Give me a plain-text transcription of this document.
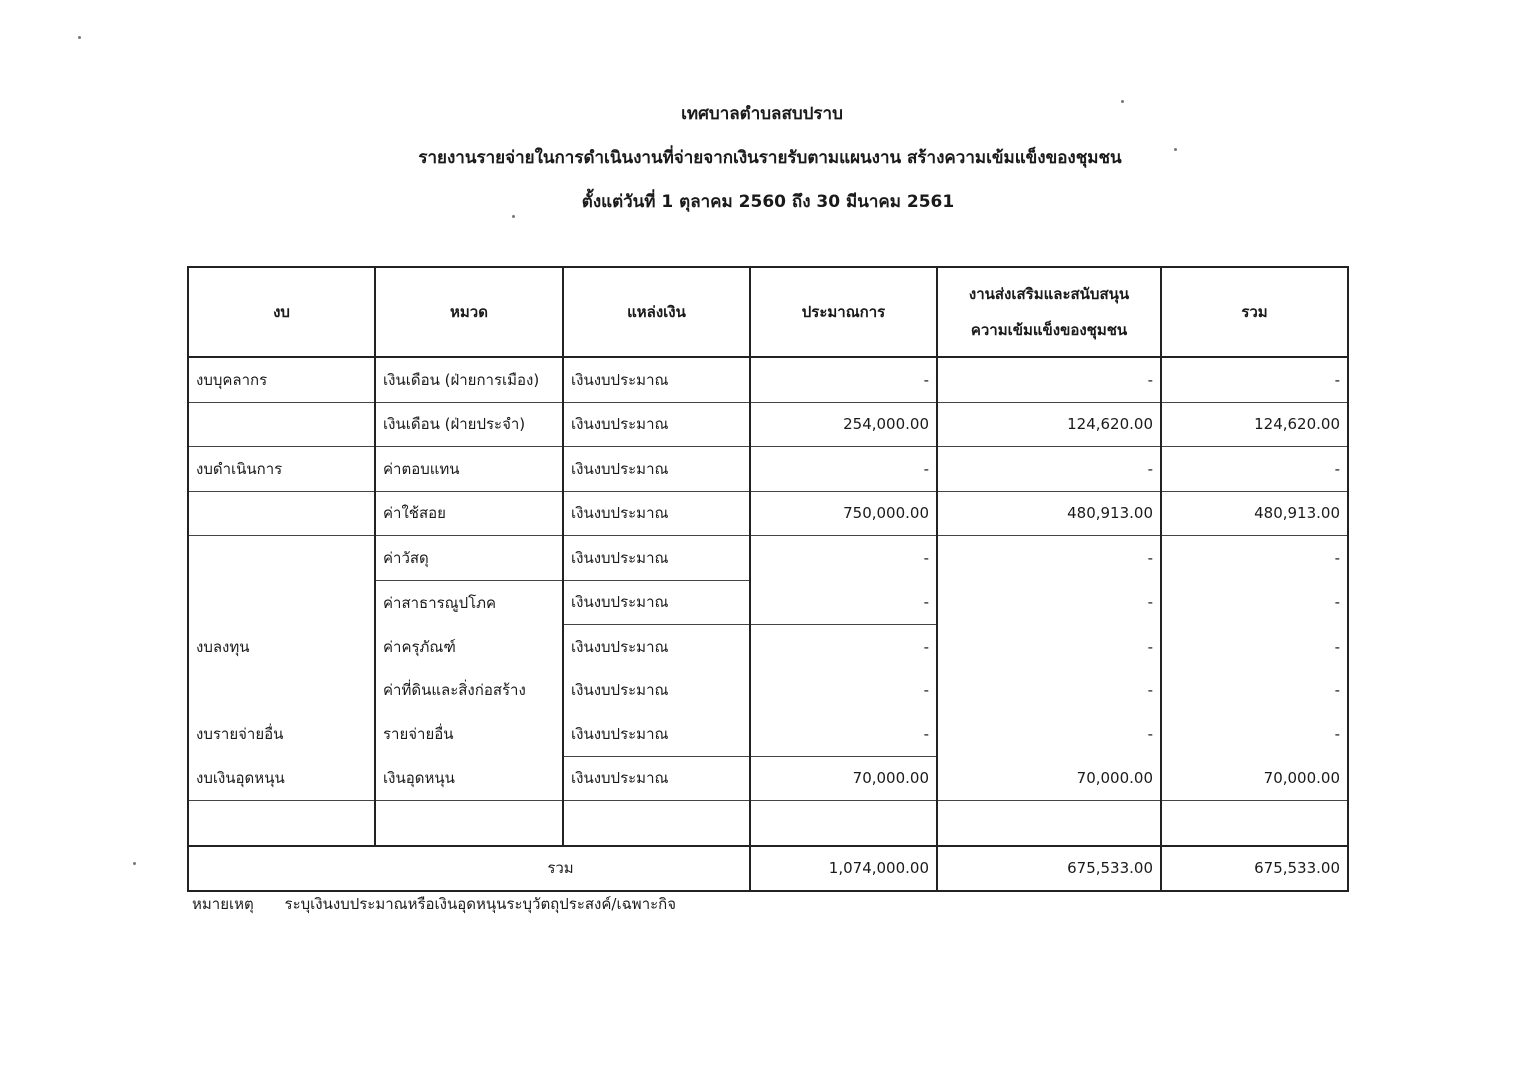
เทศบาลตำบลสบปราบ
รายงานรายจ่ายในการดำเนินงานที่จ่ายจากเงินรายรับตามแผนงาน สร้างความเข้มแข็งของชุมชน
ตั้งแต่วันที่ 1 ตุลาคม 2560 ถึง 30 มีนาคม 2561
งบ	หมวด	แหล่งเงิน	ประมาณการ	งานส่งเสริมและสนับสนุน
ความเข้มแข็งของชุมชน	รวม
งบบุคลากร	เงินเดือน (ฝ่ายการเมือง)	เงินงบประมาณ	-	-	-
	เงินเดือน (ฝ่ายประจำ)	เงินงบประมาณ	254,000.00	124,620.00	124,620.00
งบดำเนินการ	ค่าตอบแทน	เงินงบประมาณ	-	-	-
	ค่าใช้สอย	เงินงบประมาณ	750,000.00	480,913.00	480,913.00
	ค่าวัสดุ	เงินงบประมาณ	-	-	-
	ค่าสาธารณูปโภค	เงินงบประมาณ	-	-	-
งบลงทุน	ค่าครุภัณฑ์	เงินงบประมาณ	-	-	-
	ค่าที่ดินและสิ่งก่อสร้าง	เงินงบประมาณ	-	-	-
งบรายจ่ายอื่น	รายจ่ายอื่น	เงินงบประมาณ	-	-	-
งบเงินอุดหนุน	เงินอุดหนุน	เงินงบประมาณ	70,000.00	70,000.00	70,000.00

รวม			1,074,000.00	675,533.00	675,533.00
หมายเหตุ ระบุเงินงบประมาณหรือเงินอุดหนุนระบุวัตถุประสงค์/เฉพาะกิจ
